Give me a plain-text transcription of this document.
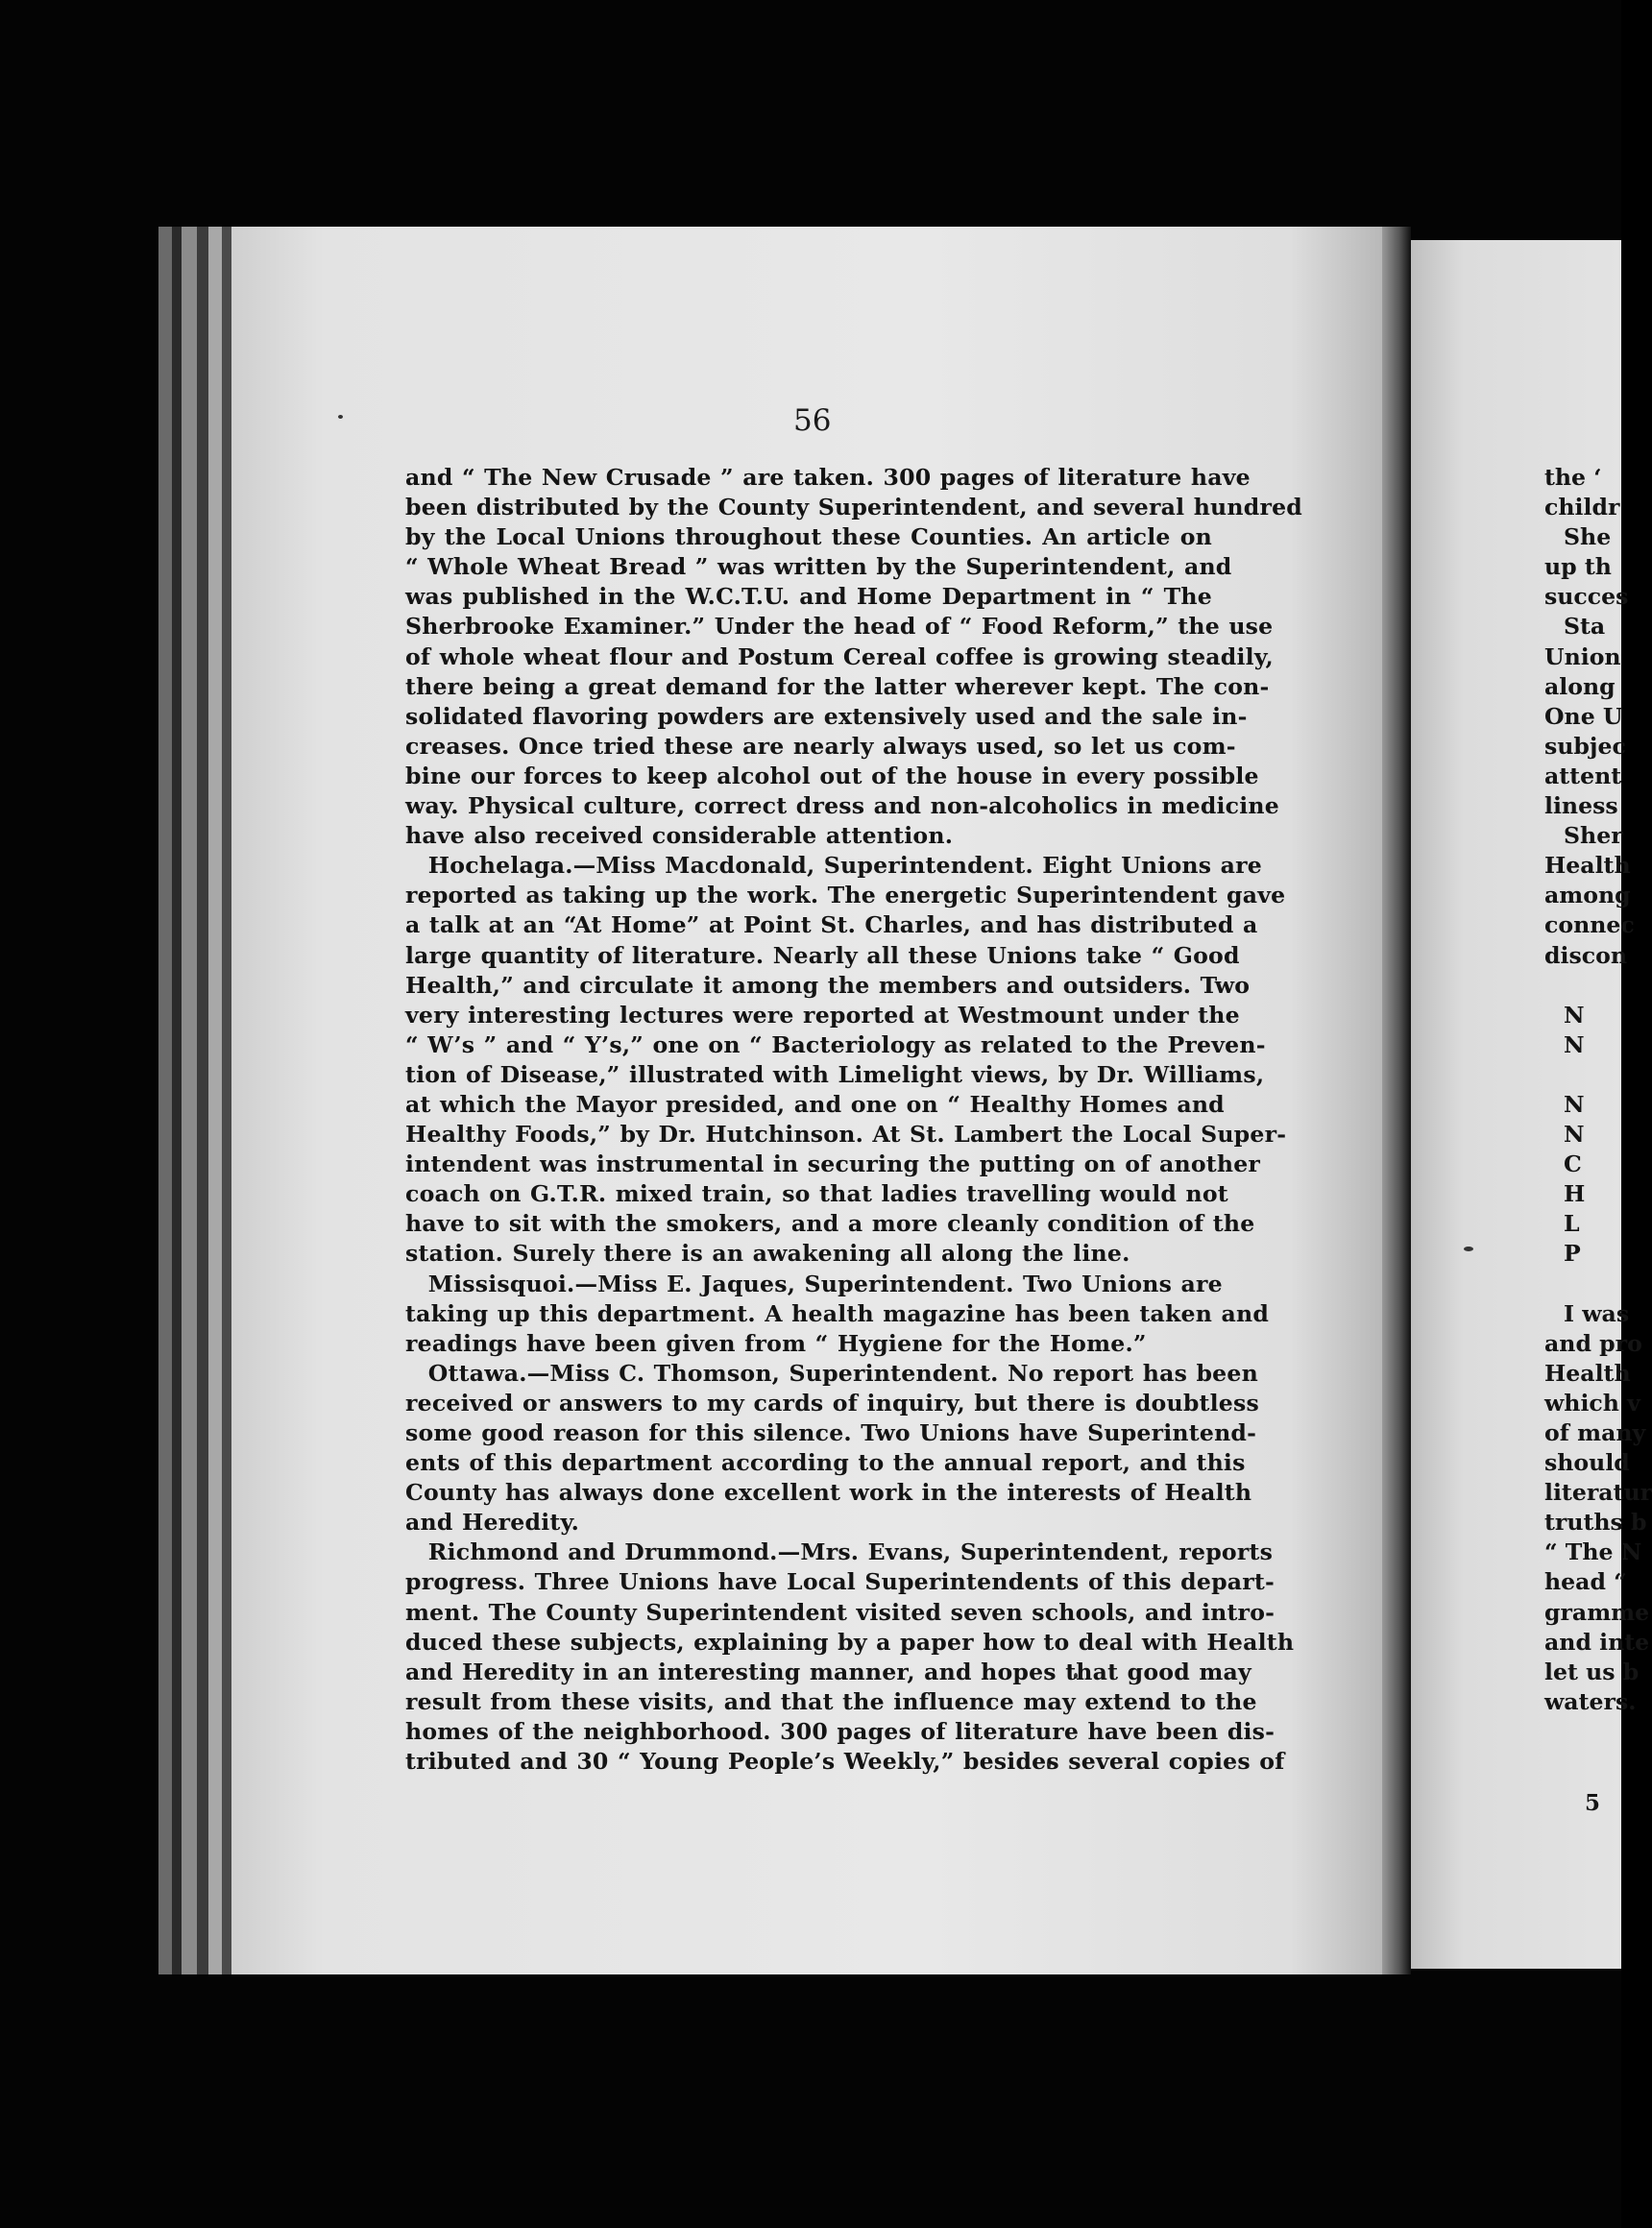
56
and “ The New Crusade ” are taken. 300 pages of literature have
been distributed by the County Superintendent, and several hundred
by the Local Unions throughout these Counties. An article on
“ Whole Wheat Bread ” was written by the Superintendent, and
was published in the W.C.T.U. and Home Department in “ The
Sherbrooke Examiner.” Under the head of “ Food Reform,” the use
of whole wheat flour and Postum Cereal coffee is growing steadily,
there being a great demand for the latter wherever kept. The con-
solidated flavoring powders are extensively used and the sale in-
creases. Once tried these are nearly always used, so let us com-
bine our forces to keep alcohol out of the house in every possible
way. Physical culture, correct dress and non-alcoholics in medicine
have also received considerable attention.
 Hochelaga.—Miss Macdonald, Superintendent. Eight Unions are
reported as taking up the work. The energetic Superintendent gave
a talk at an “At Home” at Point St. Charles, and has distributed a
large quantity of literature. Nearly all these Unions take “ Good
Health,” and circulate it among the members and outsiders. Two
very interesting lectures were reported at Westmount under the
“ W’s ” and “ Y’s,” one on “ Bacteriology as related to the Preven-
tion of Disease,” illustrated with Limelight views, by Dr. Williams,
at which the Mayor presided, and one on “ Healthy Homes and
Healthy Foods,” by Dr. Hutchinson. At St. Lambert the Local Super-
intendent was instrumental in securing the putting on of another
coach on G.T.R. mixed train, so that ladies travelling would not
have to sit with the smokers, and a more cleanly condition of the
station. Surely there is an awakening all along the line.
 Missisquoi.—Miss E. Jaques, Superintendent. Two Unions are
taking up this department. A health magazine has been taken and
readings have been given from “ Hygiene for the Home.”
 Ottawa.—Miss C. Thomson, Superintendent. No report has been
received or answers to my cards of inquiry, but there is doubtless
some good reason for this silence. Two Unions have Superintend-
ents of this department according to the annual report, and this
County has always done excellent work in the interests of Health
and Heredity.
 Richmond and Drummond.—Mrs. Evans, Superintendent, reports
progress. Three Unions have Local Superintendents of this depart-
ment. The County Superintendent visited seven schools, and intro-
duced these subjects, explaining by a paper how to deal with Health
and Heredity in an interesting manner, and hopes that good may
result from these visits, and that the influence may extend to the
homes of the neighborhood. 300 pages of literature have been dis-
tributed and 30 “ Young People’s Weekly,” besides several copies of
the ‘
childr
She
up th
succes
Sta
Union
along
One U
subjec
attent
liness
Sher
Health
among
connec
discon
N
N
N
N
C
H
L
P
I was
and pro
Health
which v
of many
should
literatur
truths b
“ The N
head “
gramme
and inte
let us b
waters.
5
